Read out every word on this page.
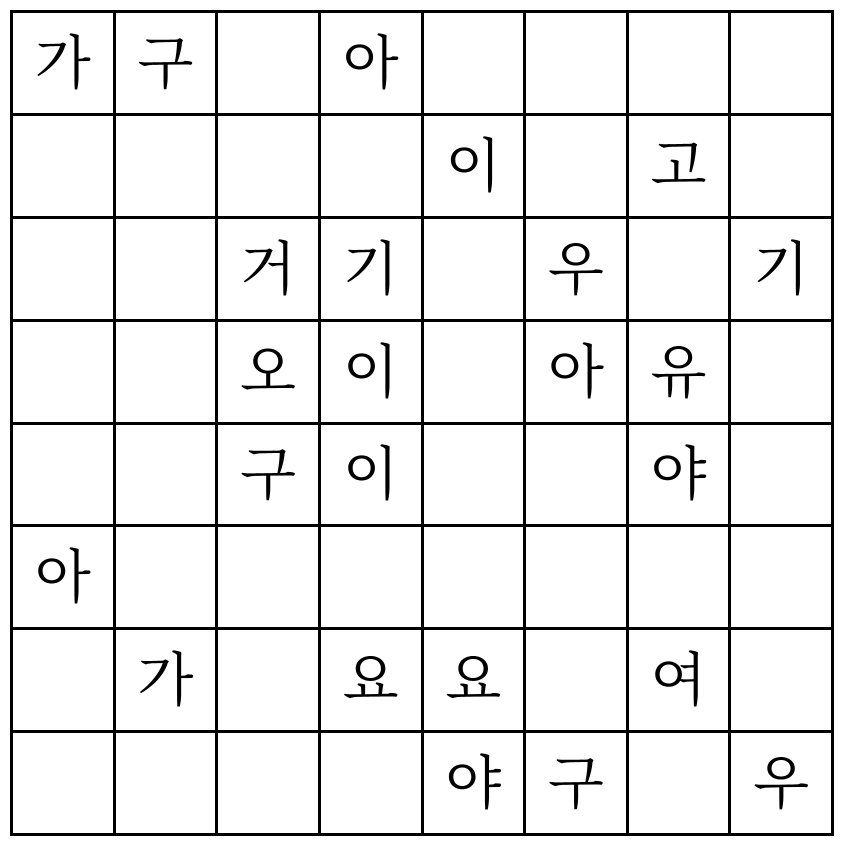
가	구		아				
				이		고	
		거	기		우		기
		오	이		아	유	
		구	이			야	
아							
	가		요	요		여	
				야	구		우
